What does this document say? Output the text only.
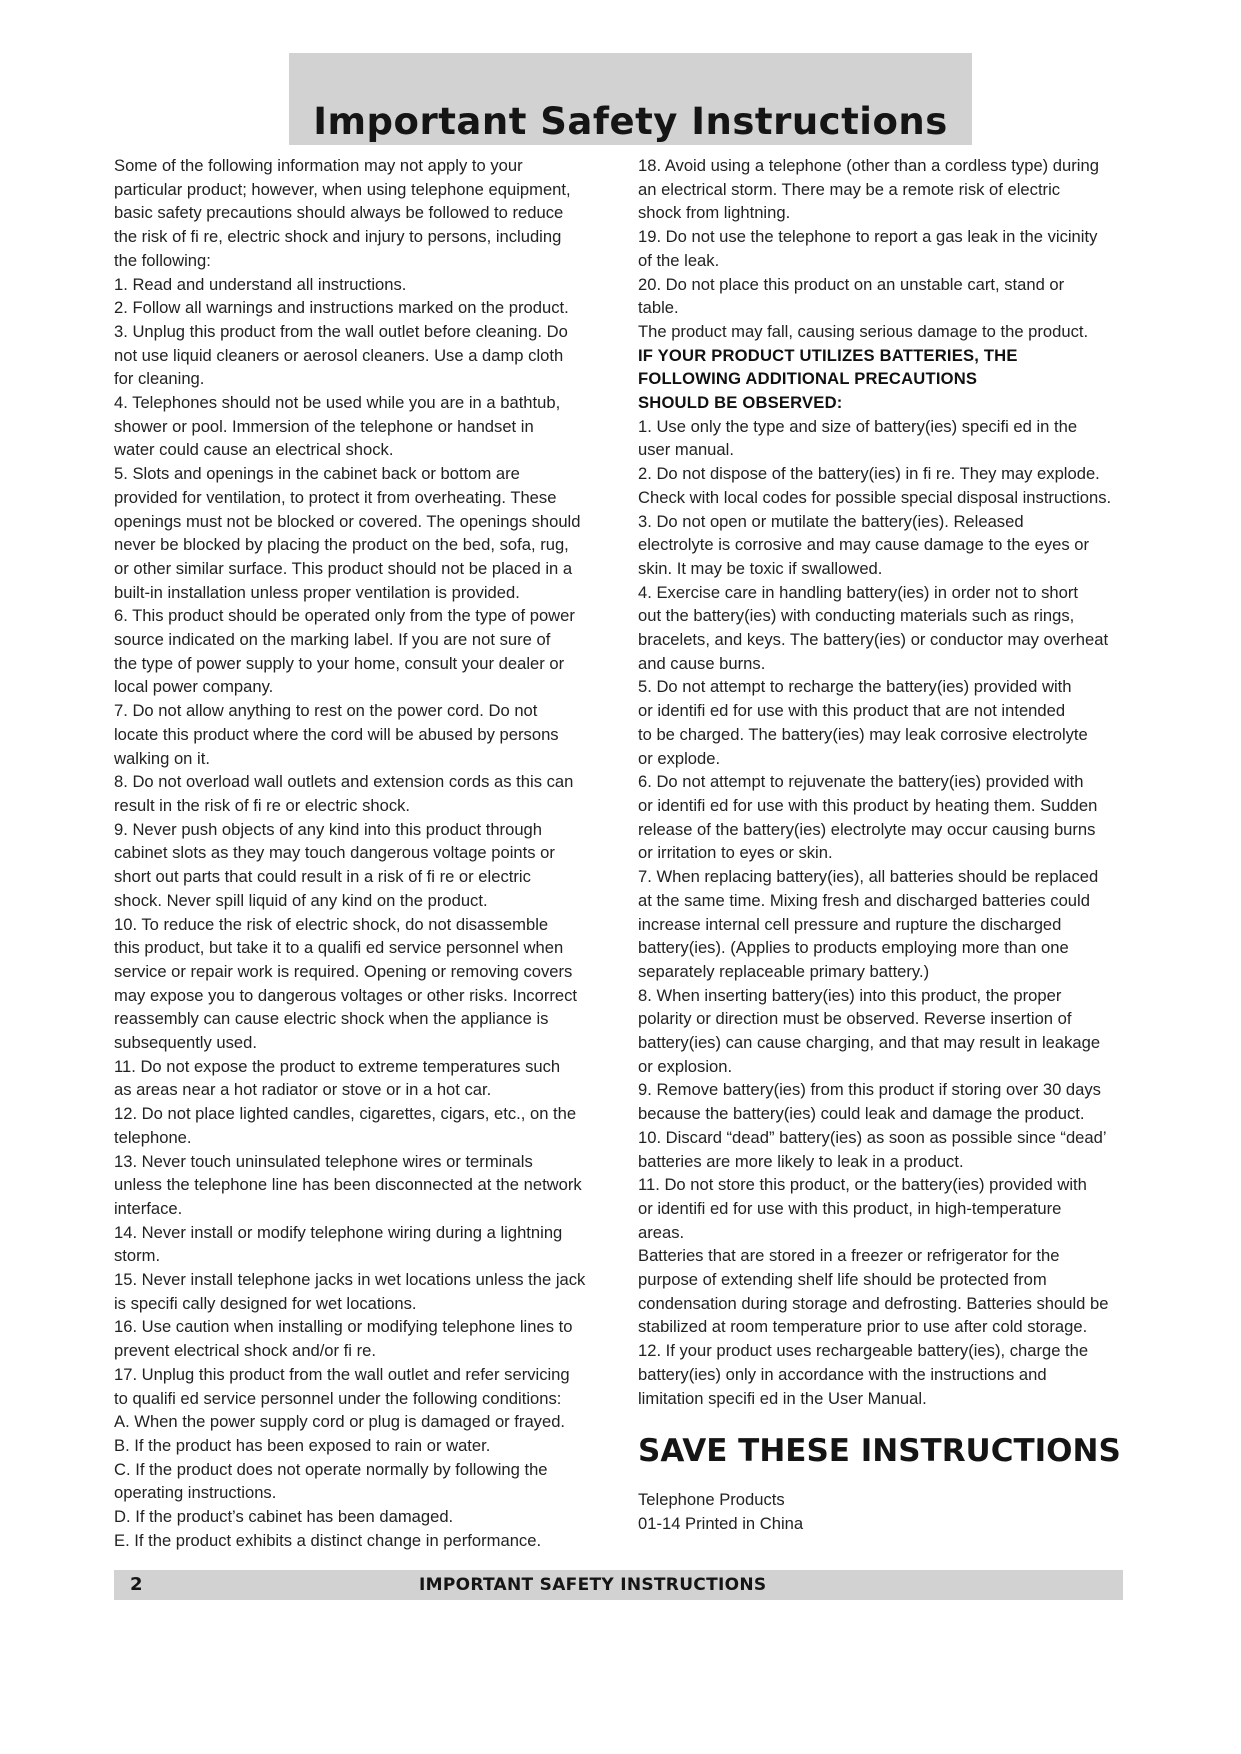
Important Safety Instructions
Some of the following information may not apply to your
particular product; however, when using telephone equipment,
basic safety precautions should always be followed to reduce
the risk of fi re, electric shock and injury to persons, including
the following:
1. Read and understand all instructions.
2. Follow all warnings and instructions marked on the product.
3. Unplug this product from the wall outlet before cleaning. Do
not use liquid cleaners or aerosol cleaners. Use a damp cloth
for cleaning.
4. Telephones should not be used while you are in a bathtub,
shower or pool. Immersion of the telephone or handset in
water could cause an electrical shock.
5. Slots and openings in the cabinet back or bottom are
provided for ventilation, to protect it from overheating. These
openings must not be blocked or covered. The openings should
never be blocked by placing the product on the bed, sofa, rug,
or other similar surface. This product should not be placed in a
built-in installation unless proper ventilation is provided.
6. This product should be operated only from the type of power
source indicated on the marking label. If you are not sure of
the type of power supply to your home, consult your dealer or
local power company.
7. Do not allow anything to rest on the power cord. Do not
locate this product where the cord will be abused by persons
walking on it.
8. Do not overload wall outlets and extension cords as this can
result in the risk of fi re or electric shock.
9. Never push objects of any kind into this product through
cabinet slots as they may touch dangerous voltage points or
short out parts that could result in a risk of fi re or electric
shock. Never spill liquid of any kind on the product.
10. To reduce the risk of electric shock, do not disassemble
this product, but take it to a qualifi ed service personnel when
service or repair work is required. Opening or removing covers
may expose you to dangerous voltages or other risks. Incorrect
reassembly can cause electric shock when the appliance is
subsequently used.
11. Do not expose the product to extreme temperatures such
as areas near a hot radiator or stove or in a hot car.
12. Do not place lighted candles, cigarettes, cigars, etc., on the
telephone.
13. Never touch uninsulated telephone wires or terminals
unless the telephone line has been disconnected at the network
interface.
14. Never install or modify telephone wiring during a lightning
storm.
15. Never install telephone jacks in wet locations unless the jack
is specifi cally designed for wet locations.
16. Use caution when installing or modifying telephone lines to
prevent electrical shock and/or fi re.
17. Unplug this product from the wall outlet and refer servicing
to qualifi ed service personnel under the following conditions:
A. When the power supply cord or plug is damaged or frayed.
B. If the product has been exposed to rain or water.
C. If the product does not operate normally by following the
operating instructions.
D. If the product’s cabinet has been damaged.
E. If the product exhibits a distinct change in performance.
18. Avoid using a telephone (other than a cordless type) during
an electrical storm. There may be a remote risk of electric
shock from lightning.
19. Do not use the telephone to report a gas leak in the vicinity
of the leak.
20. Do not place this product on an unstable cart, stand or
table.
The product may fall, causing serious damage to the product.
IF YOUR PRODUCT UTILIZES BATTERIES, THE
FOLLOWING ADDITIONAL PRECAUTIONS
SHOULD BE OBSERVED:
1. Use only the type and size of battery(ies) specifi ed in the
user manual.
2. Do not dispose of the battery(ies) in fi re. They may explode.
Check with local codes for possible special disposal instructions.
3. Do not open or mutilate the battery(ies). Released
electrolyte is corrosive and may cause damage to the eyes or
skin. It may be toxic if swallowed.
4. Exercise care in handling battery(ies) in order not to short
out the battery(ies) with conducting materials such as rings,
bracelets, and keys. The battery(ies) or conductor may overheat
and cause burns.
5. Do not attempt to recharge the battery(ies) provided with
or identifi ed for use with this product that are not intended
to be charged. The battery(ies) may leak corrosive electrolyte
or explode.
6. Do not attempt to rejuvenate the battery(ies) provided with
or identifi ed for use with this product by heating them. Sudden
release of the battery(ies) electrolyte may occur causing burns
or irritation to eyes or skin.
7. When replacing battery(ies), all batteries should be replaced
at the same time. Mixing fresh and discharged batteries could
increase internal cell pressure and rupture the discharged
battery(ies). (Applies to products employing more than one
separately replaceable primary battery.)
8. When inserting battery(ies) into this product, the proper
polarity or direction must be observed. Reverse insertion of
battery(ies) can cause charging, and that may result in leakage
or explosion.
9. Remove battery(ies) from this product if storing over 30 days
because the battery(ies) could leak and damage the product.
10. Discard “dead” battery(ies) as soon as possible since “dead’
batteries are more likely to leak in a product.
11. Do not store this product, or the battery(ies) provided with
or identifi ed for use with this product, in high-temperature
areas.
Batteries that are stored in a freezer or refrigerator for the
purpose of extending shelf life should be protected from
condensation during storage and defrosting. Batteries should be
stabilized at room temperature prior to use after cold storage.
12. If your product uses rechargeable battery(ies), charge the
battery(ies) only in accordance with the instructions and
limitation specifi ed in the User Manual.
SAVE THESE INSTRUCTIONS
Telephone Products
01-14 Printed in China
2	IMPORTANT SAFETY INSTRUCTIONS
